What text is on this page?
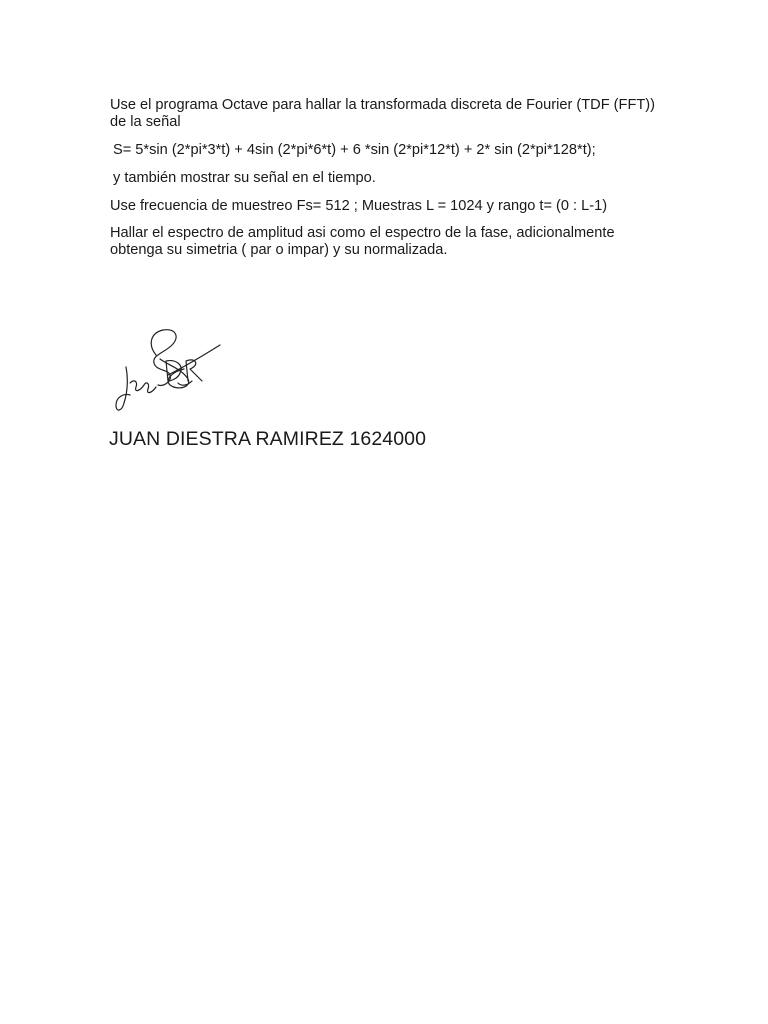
Use el programa Octave para hallar la transformada discreta de Fourier (TDF (FFT)) de la señal

S= 5*sin (2*pi*3*t) + 4sin (2*pi*6*t) + 6 *sin (2*pi*12*t) + 2* sin (2*pi*128*t);

y también mostrar su señal en el tiempo.

Use frecuencia de muestreo Fs= 512 ; Muestras L = 1024 y rango t= (0 : L-1)

Hallar el espectro de amplitud asi como el espectro de la fase, adicionalmente obtenga su simetria ( par o impar) y su normalizada.

JUAN DIESTRA RAMIREZ 1624000
